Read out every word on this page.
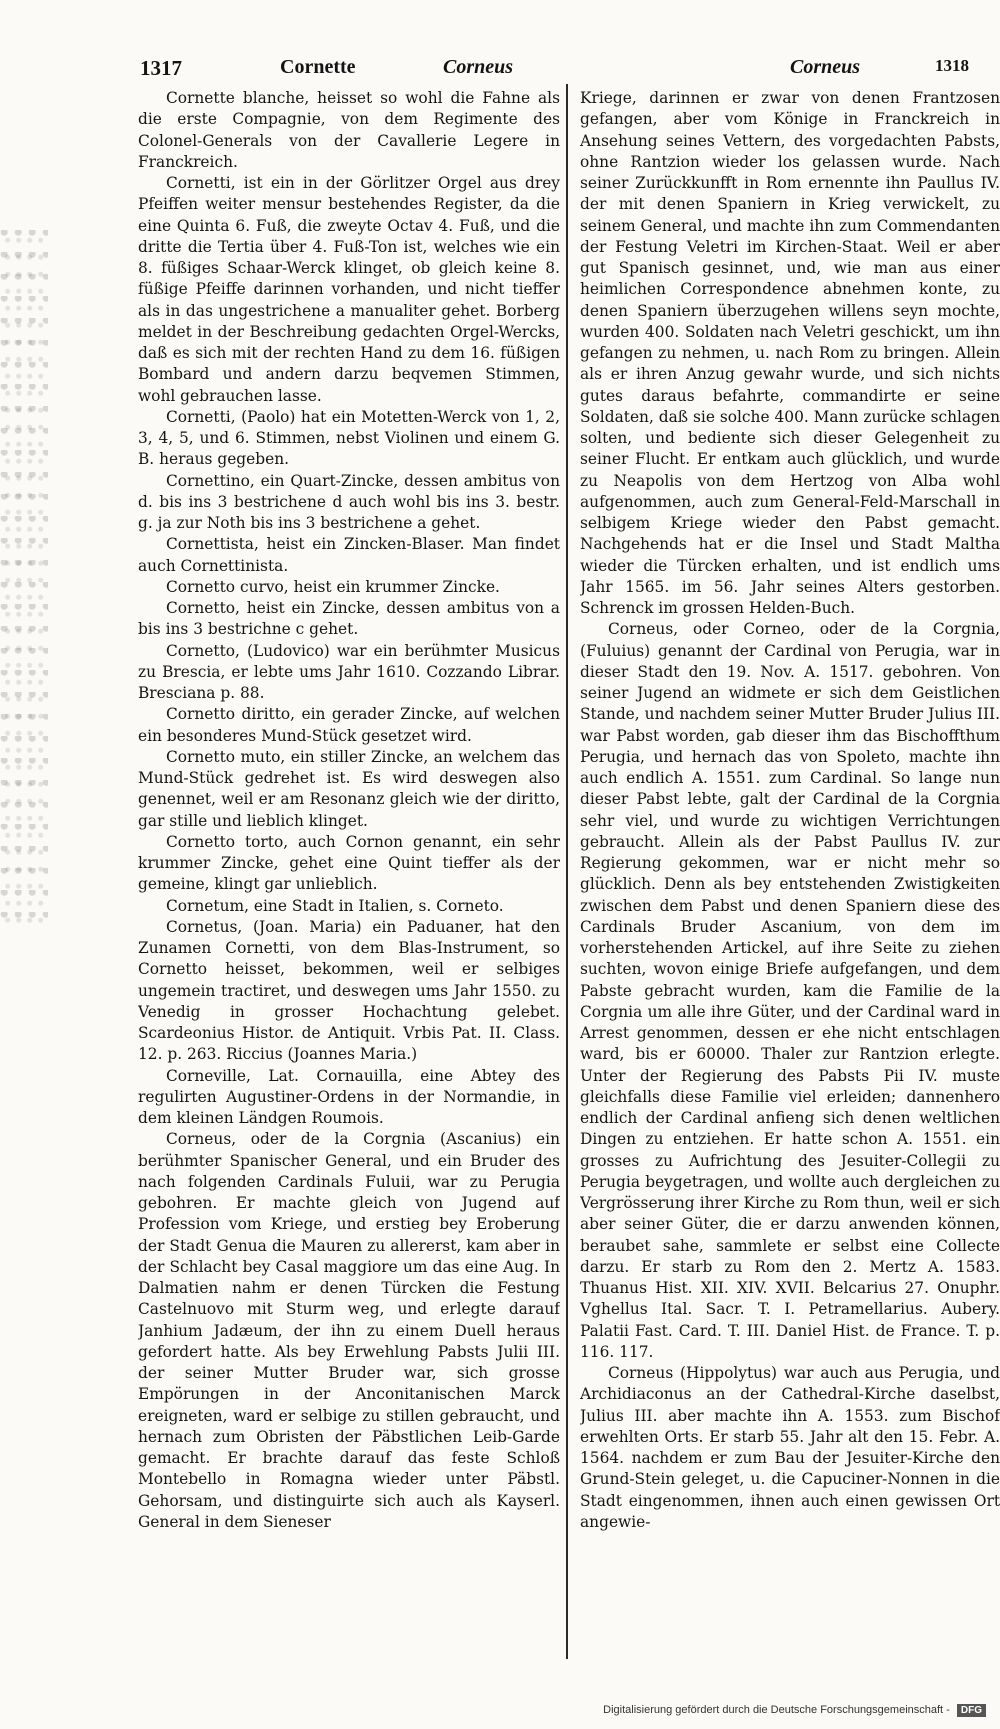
1317	Cornette	Corneus	Corneus	1318

Cornette blanche, heisset so wohl die Fahne als die erste Compagnie, von dem Regimente des Colonel-Generals von der Cavallerie Legere in Franckreich.

Cornetti, ist ein in der Görlitzer Orgel aus drey Pfeiffen weiter mensur bestehendes Register, da die eine Quinta 6. Fuß, die zweyte Octav 4. Fuß, und die dritte die Tertia über 4. Fuß-Ton ist, welches wie ein 8. füßiges Schaar-Werck klinget, ob gleich keine 8. füßige Pfeiffe darinnen vorhanden, und nicht tieffer als in das ungestrichene a manualiter gehet. Borberg meldet in der Beschreibung gedachten Orgel-Wercks, daß es sich mit der rechten Hand zu dem 16. füßigen Bombard und andern darzu beqvemen Stimmen, wohl gebrauchen lasse.

Cornetti, (Paolo) hat ein Motetten-Werck von 1, 2, 3, 4, 5, und 6. Stimmen, nebst Violinen und einem G. B. heraus gegeben.

Cornettino, ein Quart-Zincke, dessen ambitus von d. bis ins 3 bestrichene d auch wohl bis ins 3. bestr. g. ja zur Noth bis ins 3 bestrichene a gehet.

Cornettista, heist ein Zincken-Blaser. Man findet auch Cornettinista.

Cornetto curvo, heist ein krummer Zincke.

Cornetto, heist ein Zincke, dessen ambitus von a bis ins 3 bestrichne c gehet.

Cornetto, (Ludovico) war ein berühmter Musicus zu Brescia, er lebte ums Jahr 1610. Cozzando Librar. Bresciana p. 88.

Cornetto diritto, ein gerader Zincke, auf welchen ein besonderes Mund-Stück gesetzet wird.

Cornetto muto, ein stiller Zincke, an welchem das Mund-Stück gedrehet ist. Es wird deswegen also genennet, weil er am Resonanz gleich wie der diritto, gar stille und lieblich klinget.

Cornetto torto, auch Cornon genannt, ein sehr krummer Zincke, gehet eine Quint tieffer als der gemeine, klingt gar unlieblich.

Cornetum, eine Stadt in Italien, s. Corneto.

Cornetus, (Joan. Maria) ein Paduaner, hat den Zunamen Cornetti, von dem Blas-Instrument, so Cornetto heisset, bekommen, weil er selbiges ungemein tractiret, und deswegen ums Jahr 1550. zu Venedig in grosser Hochachtung gelebet. Scardeonius Histor. de Antiquit. Vrbis Pat. II. Class. 12. p. 263. Riccius (Joannes Maria.)

Corneville, Lat. Cornauilla, eine Abtey des regulirten Augustiner-Ordens in der Normandie, in dem kleinen Ländgen Roumois.

Corneus, oder de la Corgnia (Ascanius) ein berühmter Spanischer General, und ein Bruder des nach folgenden Cardinals Fuluii, war zu Perugia gebohren. Er machte gleich von Jugend auf Profession vom Kriege, und erstieg bey Eroberung der Stadt Genua die Mauren zu allererst, kam aber in der Schlacht bey Casal maggiore um das eine Aug. In Dalmatien nahm er denen Türcken die Festung Castelnuovo mit Sturm weg, und erlegte darauf Janhium Jadæum, der ihn zu einem Duell heraus gefordert hatte. Als bey Erwehlung Pabsts Julii III. der seiner Mutter Bruder war, sich grosse Empörungen in der Anconitanischen Marck ereigneten, ward er selbige zu stillen gebraucht, und hernach zum Obristen der Päbstlichen Leib-Garde gemacht. Er brachte darauf das feste Schloß Montebello in Romagna wieder unter Päbstl. Gehorsam, und distinguirte sich auch als Kayserl. General in dem Sieneser

Kriege, darinnen er zwar von denen Frantzosen gefangen, aber vom Könige in Franckreich in Ansehung seines Vettern, des vorgedachten Pabsts, ohne Rantzion wieder los gelassen wurde. Nach seiner Zurückkunfft in Rom ernennte ihn Paullus IV. der mit denen Spaniern in Krieg verwickelt, zu seinem General, und machte ihn zum Commendanten der Festung Veletri im Kirchen-Staat. Weil er aber gut Spanisch gesinnet, und, wie man aus einer heimlichen Correspondence abnehmen konte, zu denen Spaniern überzugehen willens seyn mochte, wurden 400. Soldaten nach Veletri geschickt, um ihn gefangen zu nehmen, u. nach Rom zu bringen. Allein als er ihren Anzug gewahr wurde, und sich nichts gutes daraus befahrte, commandirte er seine Soldaten, daß sie solche 400. Mann zurücke schlagen solten, und bediente sich dieser Gelegenheit zu seiner Flucht. Er entkam auch glücklich, und wurde zu Neapolis von dem Hertzog von Alba wohl aufgenommen, auch zum General-Feld-Marschall in selbigem Kriege wieder den Pabst gemacht. Nachgehends hat er die Insel und Stadt Maltha wieder die Türcken erhalten, und ist endlich ums Jahr 1565. im 56. Jahr seines Alters gestorben. Schrenck im grossen Helden-Buch.

Corneus, oder Corneo, oder de la Corgnia, (Fuluius) genannt der Cardinal von Perugia, war in dieser Stadt den 19. Nov. A. 1517. gebohren. Von seiner Jugend an widmete er sich dem Geistlichen Stande, und nachdem seiner Mutter Bruder Julius III. war Pabst worden, gab dieser ihm das Bischoffthum Perugia, und hernach das von Spoleto, machte ihn auch endlich A. 1551. zum Cardinal. So lange nun dieser Pabst lebte, galt der Cardinal de la Corgnia sehr viel, und wurde zu wichtigen Verrichtungen gebraucht. Allein als der Pabst Paullus IV. zur Regierung gekommen, war er nicht mehr so glücklich. Denn als bey entstehenden Zwistigkeiten zwischen dem Pabst und denen Spaniern diese des Cardinals Bruder Ascanium, von dem im vorherstehenden Artickel, auf ihre Seite zu ziehen suchten, wovon einige Briefe aufgefangen, und dem Pabste gebracht wurden, kam die Familie de la Corgnia um alle ihre Güter, und der Cardinal ward in Arrest genommen, dessen er ehe nicht entschlagen ward, bis er 60000. Thaler zur Rantzion erlegte. Unter der Regierung des Pabsts Pii IV. muste gleichfalls diese Familie viel erleiden; dannenhero endlich der Cardinal anfieng sich denen weltlichen Dingen zu entziehen. Er hatte schon A. 1551. ein grosses zu Aufrichtung des Jesuiter-Collegii zu Perugia beygetragen, und wollte auch dergleichen zu Vergrösserung ihrer Kirche zu Rom thun, weil er sich aber seiner Güter, die er darzu anwenden können, beraubet sahe, sammlete er selbst eine Collecte darzu. Er starb zu Rom den 2. Mertz A. 1583. Thuanus Hist. XII. XIV. XVII. Belcarius 27. Onuphr. Vghellus Ital. Sacr. T. I. Petramellarius. Aubery. Palatii Fast. Card. T. III. Daniel Hist. de France. T. p. 116. 117.

Corneus (Hippolytus) war auch aus Perugia, und Archidiaconus an der Cathedral-Kirche daselbst, Julius III. aber machte ihn A. 1553. zum Bischof erwehlten Orts. Er starb 55. Jahr alt den 15. Febr. A. 1564. nachdem er zum Bau der Jesuiter-Kirche den Grund-Stein geleget, u. die Capuciner-Nonnen in die Stadt eingenommen, ihnen auch einen gewissen Ort angewie-

Digitalisierung gefördert durch die Deutsche Forschungsgemeinschaft - DFG
